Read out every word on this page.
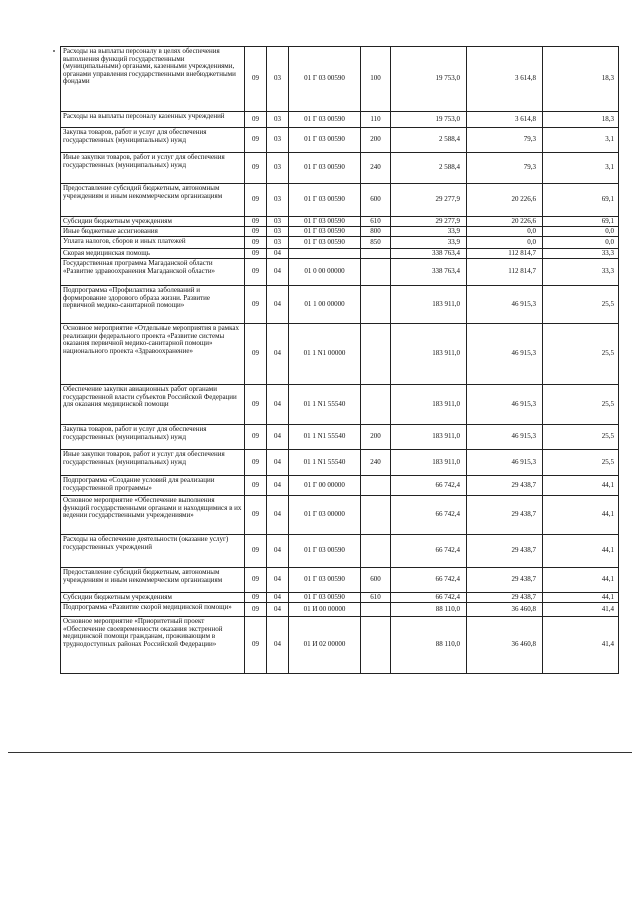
Расходы на выплаты персоналу в целях обеспечения выполнения функций государственными (муниципальными) органами, казенными учреждениями, органами управления государственными внебюджетными фондами	09	03	01 Г 03 00590	100	19 753,0	3 614,8	18,3
Расходы на выплаты персоналу казенных учреждений	09	03	01 Г 03 00590	110	19 753,0	3 614,8	18,3
Закупка товаров, работ и услуг для обеспечения государственных (муниципальных) нужд	09	03	01 Г 03 00590	200	2 588,4	79,3	3,1
Иные закупки товаров, работ и услуг для обеспечения государственных (муниципальных) нужд	09	03	01 Г 03 00590	240	2 588,4	79,3	3,1
Предоставление субсидий бюджетным, автономным учреждениям и иным некоммерческим организациям	09	03	01 Г 03 00590	600	29 277,9	20 226,6	69,1
Субсидии бюджетным учреждениям	09	03	01 Г 03 00590	610	29 277,9	20 226,6	69,1
Иные бюджетные ассигнования	09	03	01 Г 03 00590	800	33,9	0,0	0,0
Уплата налогов, сборов и иных платежей	09	03	01 Г 03 00590	850	33,9	0,0	0,0
Скорая медицинская помощь	09	04			338 763,4	112 814,7	33,3
Государственная программа Магаданской области «Развитие здравоохранения Магаданской области»	09	04	01 0 00 00000		338 763,4	112 814,7	33,3
Подпрограмма «Профилактика заболеваний и формирование здорового образа жизни. Развитие первичной медико-санитарной помощи»	09	04	01 1 00 00000		183 911,0	46 915,3	25,5
Основное мероприятие «Отдельные мероприятия в рамках реализации федерального проекта «Развитие системы оказания первичной медико-санитарной помощи» национального проекта «Здравоохранение»	09	04	01 1 N1 00000		183 911,0	46 915,3	25,5
Обеспечение закупки авиационных работ органами государственной власти субъектов Российской Федерации для оказания медицинской помощи	09	04	01 1 N1 55540		183 911,0	46 915,3	25,5
Закупка товаров, работ и услуг для обеспечения государственных (муниципальных) нужд	09	04	01 1 N1 55540	200	183 911,0	46 915,3	25,5
Иные закупки товаров, работ и услуг для обеспечения государственных (муниципальных) нужд	09	04	01 1 N1 55540	240	183 911,0	46 915,3	25,5
Подпрограмма «Создание условий для реализации государственной программы»	09	04	01 Г 00 00000		66 742,4	29 438,7	44,1
Основное мероприятие «Обеспечение выполнения функций государственными органами и находящимися в их ведении государственными учреждениями»	09	04	01 Г 03 00000		66 742,4	29 438,7	44,1
Расходы на обеспечение деятельности (оказание услуг) государственных учреждений	09	04	01 Г 03 00590		66 742,4	29 438,7	44,1
Предоставление субсидий бюджетным, автономным учреждениям и иным некоммерческим организациям	09	04	01 Г 03 00590	600	66 742,4	29 438,7	44,1
Субсидии бюджетным учреждениям	09	04	01 Г 03 00590	610	66 742,4	29 438,7	44,1
Подпрограмма «Развитие скорой медицинской помощи»	09	04	01 И 00 00000		88 110,0	36 460,8	41,4
Основное мероприятие «Приоритетный проект «Обеспечение своевременности оказания экстренной медицинской помощи гражданам, проживающим в труднодоступных районах Российской Федерации»	09	04	01 И 02 00000		88 110,0	36 460,8	41,4
